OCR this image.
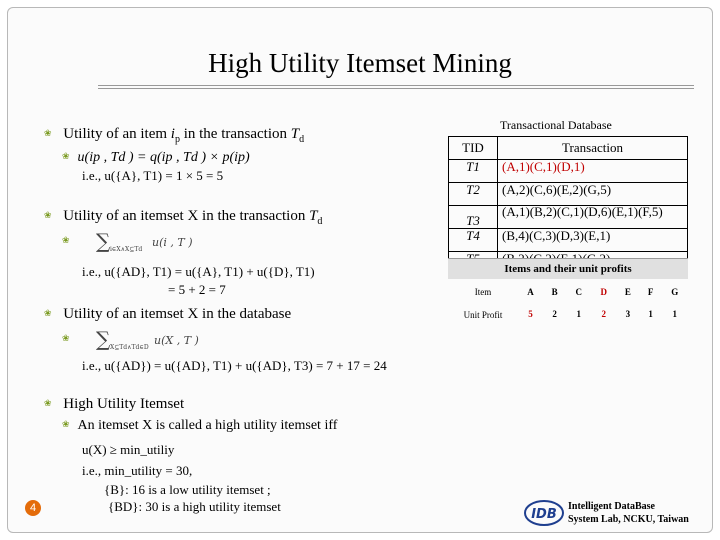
High Utility Itemset Mining
❀ Utility of an item $i_p$ in the transaction $T_d$
❀ u(ip , Td ) = q(ip , Td ) × p(ip)
i.e., u({A}, T1) = 1 × 5 = 5
❀ Utility of an itemset X in the transaction $T_d$
❀ ∑ i∈X∧X⊆Td
u(i , T )
i.e., u({AD}, T1) = u({A}, T1) + u({D}, T1)
= 5 + 2 = 7
❀ Utility of an itemset X in the database
❀ ∑ X⊆Td∧Td∈D
u(X , T )
i.e., u({AD}) = u({AD}, T1) + u({AD}, T3) = 7 + 17 = 24
❀ High Utility Itemset
❀ An itemset X is called a high utility itemset iff
u(X) ≥ min_utiliy
i.e., min_utility = 30,
{B}: 16 is a low utility itemset ;
{BD}: 30 is a high utility itemset
Transactional Database
TID	Transaction
T1	(A,1)(C,1)(D,1)
T2	(A,2)(C,6)(E,2)(G,5)
T3	(A,1)(B,2)(C,1)(D,6)(E,1)(F,5)
T4	(B,4)(C,3)(D,3)(E,1)

Items and their unit profits
Item	A	B	C	D	E	F	G
Unit Profit	5	2	1	2	3	1	1
4	IDB
Intelligent DataBase
System Lab, NCKU, Taiwan
